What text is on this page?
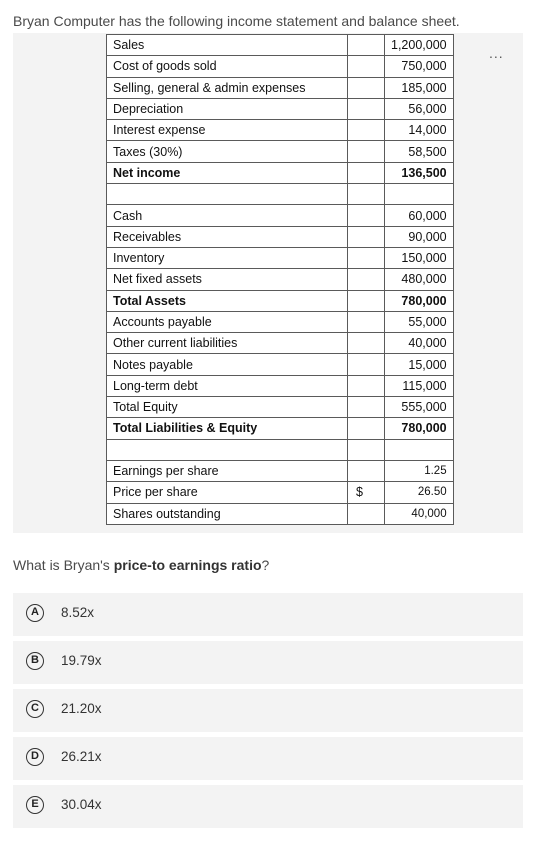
Bryan Computer has the following income statement and balance sheet.
...
Sales		1,200,000
Cost of goods sold		750,000
Selling, general & admin expenses		185,000
Depreciation		56,000
Interest expense		14,000
Taxes (30%)		58,500
Net income		136,500

Cash		60,000
Receivables		90,000
Inventory		150,000
Net fixed assets		480,000
Total Assets		780,000
Accounts payable		55,000
Other current liabilities		40,000
Notes payable		15,000
Long-term debt		115,000
Total Equity		555,000
Total Liabilities & Equity		780,000

Earnings per share		1.25
Price per share	$	26.50
Shares outstanding		40,000
What is Bryan's price-to earnings ratio?
A	8.52x
B	19.79x
C	21.20x
D	26.21x
E	30.04x
